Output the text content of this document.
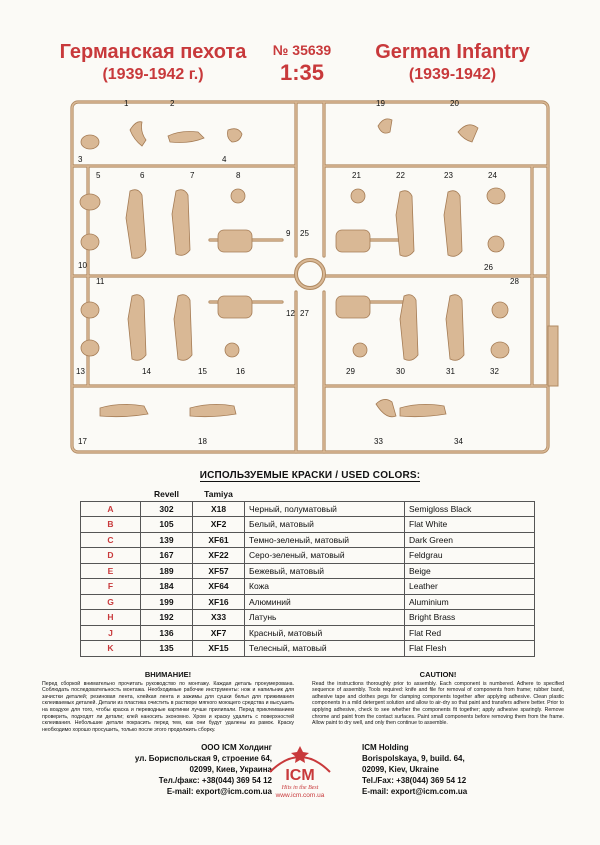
Германская пехота
(1939-1942 г.)
№ 35639
1:35
German Infantry
(1939-1942)
1	2
3	4
5	6	7	8
9
10
11
12
13	14	15	16
17	18
19	20
21	22	23	24
25
26
27
28
29	30	31	32
33	34
ИСПОЛЬЗУЕМЫЕ КРАСКИ / USED COLORS:
	Revell	Tamiya		
A	302	X18	Черный, полуматовый	Semigloss Black
B	105	XF2	Белый, матовый	Flat White
C	139	XF61	Темно-зеленый, матовый	Dark Green
D	167	XF22	Серо-зеленый, матовый	Feldgrau
E	189	XF57	Бежевый, матовый	Beige
F	184	XF64	Кожа	Leather
G	199	XF16	Алюминий	Aluminium
H	192	X33	Латунь	Bright Brass
J	136	XF7	Красный, матовый	Flat Red
K	135	XF15	Телесный, матовый	Flat Flesh
ВНИМАНИЕ!

Перед сборкой внимательно прочитать руководство по монтажу. Каждая деталь пронумерована. Соблюдать последовательность монтажа. Необходимые рабочие инструменты: нож и напильник для зачистки деталей; резиновая лента, клейкая лента и зажимы для сушки белья для прижимания склеиваемых деталей. Детали из пластика очистить в растворе мягкого моющего средства и высушить на воздухе для того, чтобы краска и переводные картинки лучше прилипали. Перед приклеиванием проверить, подходят ли детали; клей наносить экономно. Хром и краску удалить с поверхностей склеивания. Небольшие детали покрасить перед тем, как они будут удалены из рамок. Краску необходимо хорошо просушить, только после этого продолжить сборку.

CAUTION!

Read the instructions thoroughly prior to assembly. Each component is numbered. Adhere to specified sequence of assembly. Tools required: knife and file for removal of components from frame; rubber band, adhesive tape and clothes pegs for clamping components together after applying adhesive. Clean plastic components in a mild detergent solution and allow to air-dry so that paint and transfers adhere better. Prior to applying adhesive, check to see whether the components fit together; apply adhesive sparingly. Remove chrome and paint from the contact surfaces. Paint small components before removing them from the frame. Allow paint to dry well, and only then continue to assemble.

ООО ICM Холдинг
ул. Бориспольская 9, строение 64,
02099, Киев, Украина
Тел./факс: +38(044) 369 54 12
E-mail: export@icm.com.ua
ICM Holding
Borispolskaya, 9, build. 64,
02099, Kiev, Ukraine
Tel./Fax: +38(044) 369 54 12
E-mail: export@icm.com.ua
ICM
Hits in the Best
www.icm.com.ua
